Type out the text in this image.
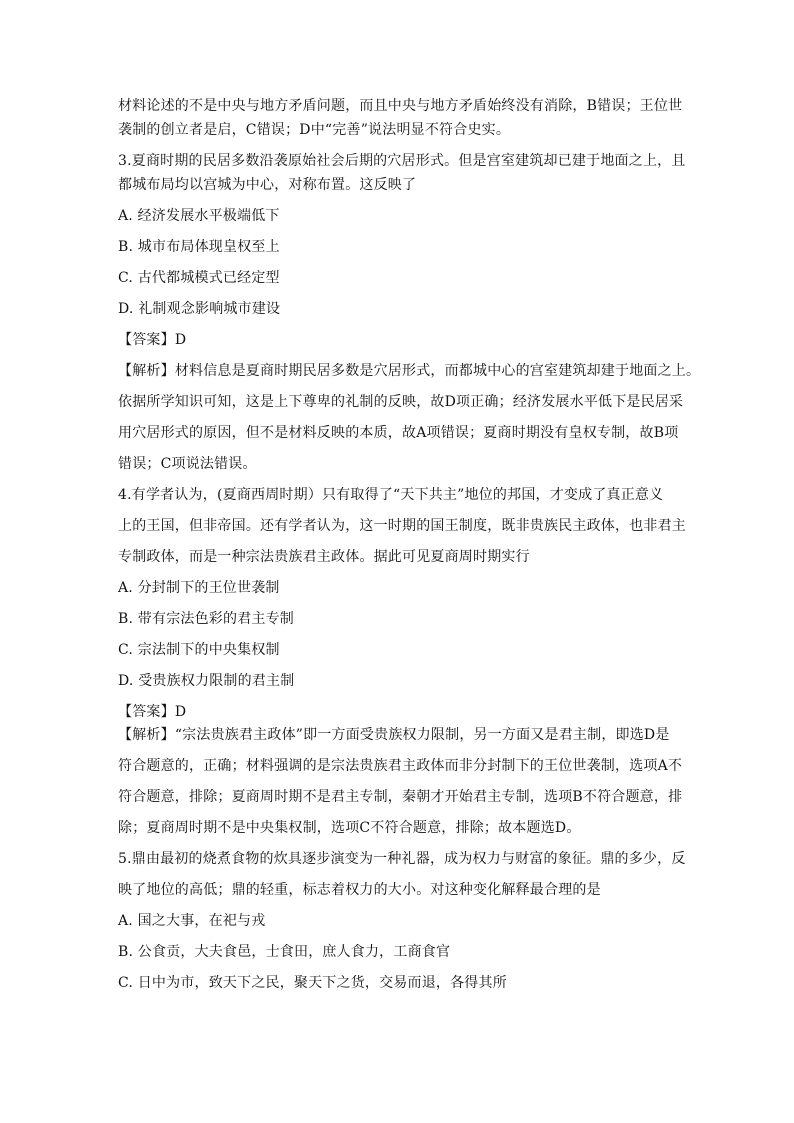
材料论述的不是中央与地方矛盾问题，而且中央与地方矛盾始终没有消除，B错误；王位世

袭制的创立者是启，C错误；D中“完善”说法明显不符合史实。

3.夏商时期的民居多数沿袭原始社会后期的穴居形式。但是宫室建筑却已建于地面之上，且

都城布局均以宫城为中心，对称布置。这反映了

A. 经济发展水平极端低下

B. 城市布局体现皇权至上

C. 古代都城模式已经定型

D. 礼制观念影响城市建设

【答案】D

【解析】材料信息是夏商时期民居多数是穴居形式，而都城中心的宫室建筑却建于地面之上。

依据所学知识可知，这是上下尊卑的礼制的反映，故D项正确；经济发展水平低下是民居采

用穴居形式的原因，但不是材料反映的本质，故A项错误；夏商时期没有皇权专制，故B项

错误；C项说法错误。

4.有学者认为，(夏商西周时期）只有取得了“天下共主”地位的邦国，才变成了真正意义

上的王国，但非帝国。还有学者认为，这一时期的国王制度，既非贵族民主政体，也非君主

专制政体，而是一种宗法贵族君主政体。据此可见夏商周时期实行

A. 分封制下的王位世袭制

B. 带有宗法色彩的君主专制

C. 宗法制下的中央集权制

D. 受贵族权力限制的君主制

【答案】D

【解析】“宗法贵族君主政体”即一方面受贵族权力限制，另一方面又是君主制，即选D是

符合题意的，正确；材料强调的是宗法贵族君主政体而非分封制下的王位世袭制，选项A不

符合题意，排除；夏商周时期不是君主专制，秦朝才开始君主专制，选项B不符合题意，排

除；夏商周时期不是中央集权制，选项C不符合题意，排除；故本题选D。

5.鼎由最初的烧煮食物的炊具逐步演变为一种礼器，成为权力与财富的象征。鼎的多少，反

映了地位的高低；鼎的轻重，标志着权力的大小。对这种变化解释最合理的是

A. 国之大事，在祀与戎

B. 公食贡，大夫食邑，士食田，庶人食力，工商食官

C. 日中为市，致天下之民，聚天下之货，交易而退，各得其所
